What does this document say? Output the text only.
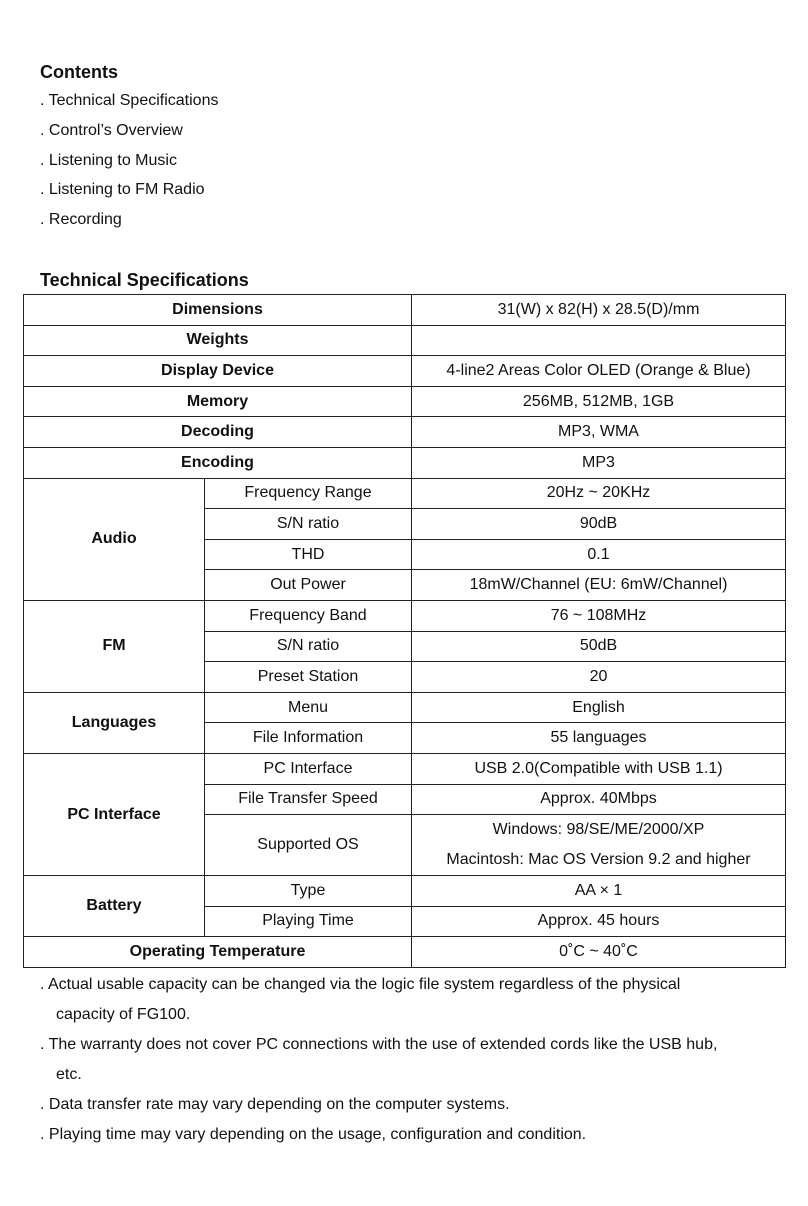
Contents
. Technical Specifications
. Control’s Overview
. Listening to Music
. Listening to FM Radio
. Recording
Technical Specifications
Dimensions		31(W) x 82(H) x 28.5(D)/mm
Weights		
Display Device		4-line2 Areas Color OLED (Orange & Blue)
Memory		256MB, 512MB, 1GB
Decoding		MP3, WMA
Encoding		MP3
Audio	Frequency Range	20Hz ~ 20KHz
	S/N ratio	90dB
	THD	0.1
	Out Power	18mW/Channel (EU: 6mW/Channel)
FM	Frequency Band	76 ~ 108MHz
	S/N ratio	50dB
	Preset Station	20
Languages	Menu	English
	File Information	55 languages
PC Interface	PC Interface	USB 2.0(Compatible with USB 1.1)
	File Transfer Speed	Approx. 40Mbps
	Supported OS	Windows: 98/SE/ME/2000/XP
Macintosh: Mac OS Version 9.2 and higher

Battery	Type	AA × 1
	Playing Time	Approx. 45 hours
Operating Temperature		0˚C ~ 40˚C
. Actual usable capacity can be changed via the logic file system regardless of the physical
capacity of FG100.
. The warranty does not cover PC connections with the use of extended cords like the USB hub,
etc.
. Data transfer rate may vary depending on the computer systems.
. Playing time may vary depending on the usage, configuration and condition.
